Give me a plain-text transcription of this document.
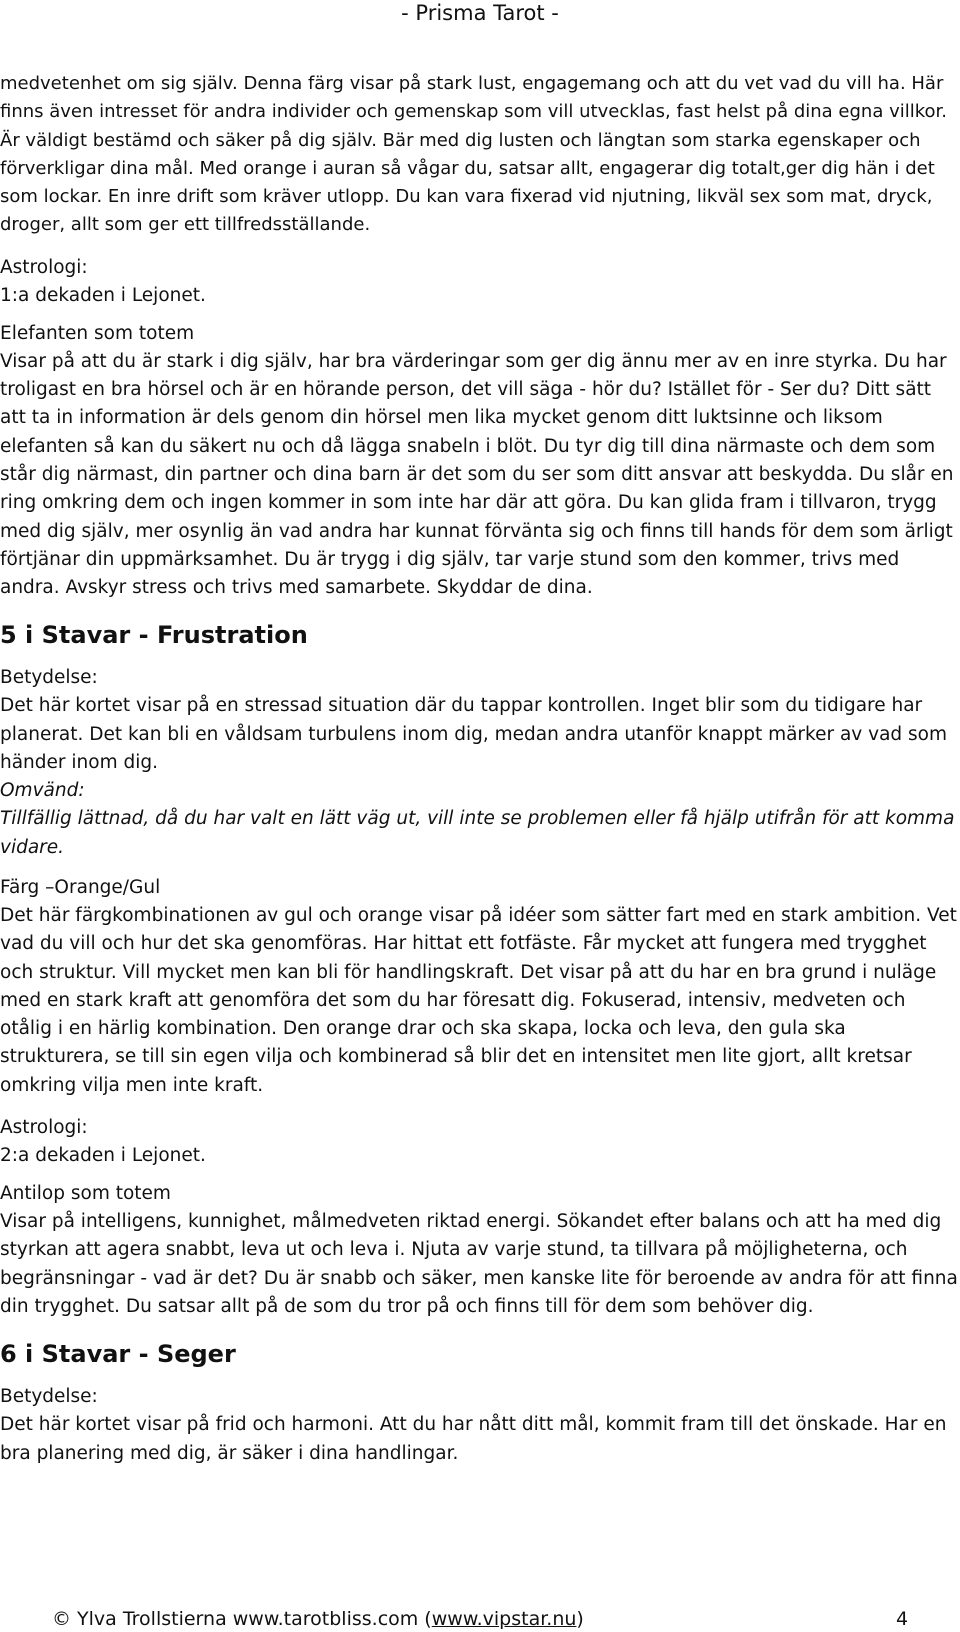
- Prisma Tarot -

medvetenhet om sig själv. Denna färg visar på stark lust, engagemang och att du vet vad du vill ha. Här finns även intresset för andra individer och gemenskap som vill utvecklas, fast helst på dina egna villkor. Är väldigt bestämd och säker på dig själv. Bär med dig lusten och längtan som starka egenskaper och förverkligar dina mål. Med orange i auran så vågar du, satsar allt, engagerar dig totalt,ger dig hän i det som lockar. En inre drift som kräver utlopp. Du kan vara fixerad vid njutning, likväl sex som mat, dryck, droger, allt som ger ett tillfredsställande.

Astrologi:
1:a dekaden i Lejonet.
Elefanten som totem

Visar på att du är stark i dig själv, har bra värderingar som ger dig ännu mer av en inre styrka. Du har troligast en bra hörsel och är en hörande person, det vill säga - hör du? Istället för - Ser du? Ditt sätt att ta in information är dels genom din hörsel men lika mycket genom ditt luktsinne och liksom elefanten så kan du säkert nu och då lägga snabeln i blöt. Du tyr dig till dina närmaste och dem som står dig närmast, din partner och dina barn är det som du ser som ditt ansvar att beskydda. Du slår en ring omkring dem och ingen kommer in som inte har där att göra. Du kan glida fram i tillvaron, trygg med dig själv, mer osynlig än vad andra har kunnat förvänta sig och finns till hands för dem som ärligt förtjänar din uppmärksamhet. Du är trygg i dig själv, tar varje stund som den kommer, trivs med andra. Avskyr stress och trivs med samarbete. Skyddar de dina.

5 i Stavar - Frustration
Betydelse:

Det här kortet visar på en stressad situation där du tappar kontrollen. Inget blir som du tidigare har planerat. Det kan bli en våldsam turbulens inom dig, medan andra utanför knappt märker av vad som händer inom dig.

Omvänd:

Tillfällig lättnad, då du har valt en lätt väg ut, vill inte se problemen eller få hjälp utifrån för att komma vidare.

Färg –Orange/Gul

Det här färgkombinationen av gul och orange visar på idéer som sätter fart med en stark ambition. Vet vad du vill och hur det ska genomföras. Har hittat ett fotfäste. Får mycket att fungera med trygghet och struktur. Vill mycket men kan bli för handlingskraft. Det visar på att du har en bra grund i nuläge med en stark kraft att genomföra det som du har föresatt dig. Fokuserad, intensiv, medveten och otålig i en härlig kombination. Den orange drar och ska skapa, locka och leva, den gula ska strukturera, se till sin egen vilja och kombinerad så blir det en intensitet men lite gjort, allt kretsar omkring vilja men inte kraft.

Astrologi:
2:a dekaden i Lejonet.
Antilop som totem

Visar på intelligens, kunnighet, målmedveten riktad energi. Sökandet efter balans och att ha med dig styrkan att agera snabbt, leva ut och leva i. Njuta av varje stund, ta tillvara på möjligheterna, och begränsningar - vad är det? Du är snabb och säker, men kanske lite för beroende av andra för att finna din trygghet. Du satsar allt på de som du tror på och finns till för dem som behöver dig.

6 i Stavar - Seger
Betydelse:

Det här kortet visar på frid och harmoni. Att du har nått ditt mål, kommit fram till det önskade. Har en bra planering med dig, är säker i dina handlingar.

© Ylva Trollstierna www.tarotbliss.com (www.vipstar.nu)	4
